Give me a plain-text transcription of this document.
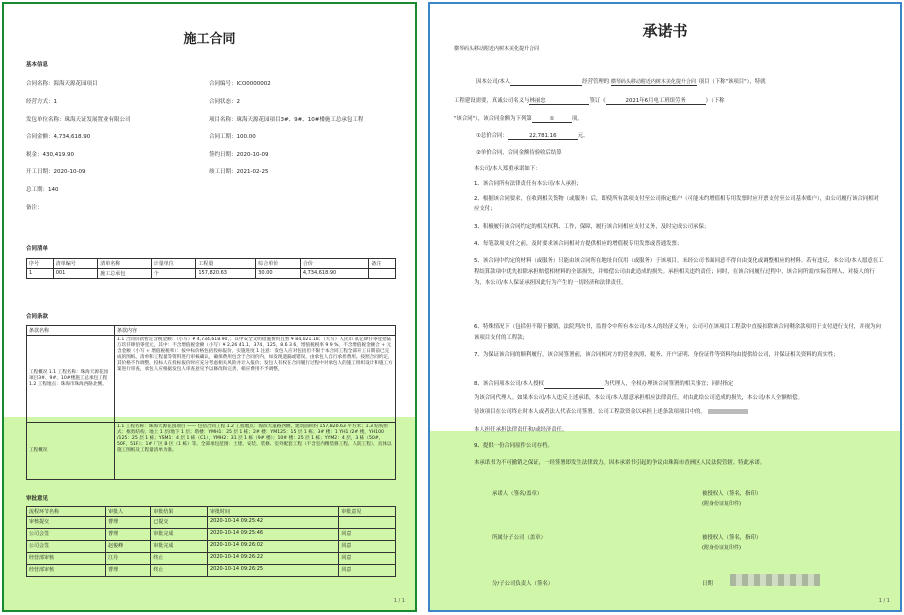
施工合同
基本信息
合同名称：海海天源花园项目	合同编号：ICO0000002
经营方式：1	合同状态：2
发包单位名称：珠海天证发展置业有限公司	项目名称：珠海天源花园项目3#、9#、10#楼施工总承包工程
合同金额：4,734,618.90	合同工期：100.00
税金：430,419.90	签约日期：2020-10-09
开工日期：2020-10-09	竣工日期：2021-02-25
总工期：140
备注：
合同清单
序号	清单编号	清单名称	计量单位	工程量	综合单价	合价	备注
1	001	施工总承包	个	157,820.63	30.00	4,734,618.90	
合同条款
条款名称	条款内容
工程概况 1.1 工程名称：珠海天源花园项目3#、9#、10#楼施工总承包工程 1.2 工程地点：珠海市珠海西路北侧。	1.1 合同价款暂定含税金额：（小写）¥ 4,734,618.90，；其中安全文明措施费用且暂 ¥ 84,021.18；（大写）人民币 贰亿肆仟零壹拾陆万玖仟肆佰零壹元，其中：不含增值税金额（小写）¥ 2,26 41.1，374，125，8.6 3 6，增值税税率 9 9 %，不含增值税金额合 + 元含金额（小写 + 增值税税率）：按中标价格包括投标报价，实施进度 1 注意：发包人应对包括但不限于本合同工程全部开工日期前已完成的图纸、清单和工程量等资料进行审核确认，确保费用包含于合同价内，如发现遗漏或错误，由承包人自行承担费用。按照合同约定，其价格不作调整，投标人在投标报价时应充分考虑相关风险并计入报价；发包人有权在合同履行过程中对承包人的施工组织设计和施工方案进行审查，承包人应根据发包人审查意见予以修改和完善，相应费用不予调整。

工程概况	1.1 工程名称：珠海天源花园项目 —— 包括合同工程 1.2 工程地点：海滨大道路西侧，建筑面积约 157,820.63 平方米；1.3 结构形式：框剪结构，地上 1 层/地下 1 层；塔楼：YMH1：25 层 1 栋；2# 楼：YM125：15 层 1 栋；3# 楼：1 YH1 /2# 楼，YH100 /125：25 层 1 栋；YSM1：4 层 1 栋（C1），YMH2：31 层 1 栋（9# 楼）；10# 楼：25 层 1 栋；YYM2：4 层，3 栋（50#、50F、51F）；1# 厂区 B 区（1 栋）等。全部承包范围：土建、安装、装修、室外配套工程（不含室内精装修工程、人防工程），具体以施工图纸及工程量清单为准。
审批意见
流程环节名称	审批人	审批结果	审批时间	审批意见
审核提交	曹理	已提交	2020-10-14 09:25:42	
公司会签	曹理	审批完成	2020-10-14 09:25:46	同意
公司会签	赵俊峰	审批完成	2020-10-14 09:26:02	同意
经营部审核	江丹	终止	2020-10-14 09:26:22	同意
经营部审核	曹理	终止	2020-10-14 09:26:25	同意
1 / 1
承诺书
横琴码头移动附近内树木美化提升合同
因本公司/本人	经营管理的 横琴码头移动附近内树木美化提升合同 项目（下称"该项目"），特就
工程建设需要，真诚公司名义与林丽忠	签订《	2021年6月电工班组劳务	》（下称
"该合同"），该合同金额为下列第	①	项。
①总价合同：	22,781.16	元。
②单价合同，合同金额待验收后结算
本公司/本人郑重承诺如下：
1、该合同所有法律责任有本公司/本人承担；
2、根据该合同要求，在收到相关货物（或服务）后，即使所有款项支付至公司指定账户（可能未约增值相专用发票时应开票支付至公司基本账户），由公司履行该合同相对应支付；
3、积极履行该合同约定的相关权利、工作，保障，履行该合同相应支付义务，及时完成公司承保；
4、每笔款项支付之前，及时要求该合同相对方提供相应的增值税专用发票或普通发票；
5、该合同中约定的材料（或服务）只能由该合同所在地址自仅用（或服务）于该项目。未经公司书面同意不得自由变化或调整相应的材料。若有违反，本公司/本人愿意在工程结算款项中优先扣除承担赔偿相材料的全部损失，并赔偿公司由此造成的损失。承担相关违约责任；同时，在该合同履行过程中，该合同所需/实际管理人、对接人的行为，本公司/本人保证承担因此行为产生的一切经济和法律责任。
6、特殊情况下（包括但不限于撤销，法院判决书，监督令中所有本公司/本人的经济义务），公司可在该项目工程款中直接扣除该合同剩余款项用于支付进行支付，并视为向该项目支付的工程款；
7、为保证该合同的顺利履行，该合同签署前，该合同相对方的营业执照、税务、开户证明、身份证件等资料均由提供给公司，并保证相关资料的真实性；
8、该合同项本公司/本人授权	为代理人，全权办理该合同签署的相关事宜；同时指定
为该合同代理人。如果本公司/本人违反上述承诺，本公司/本人愿意承担相应法律责任，对由此给公司造成的损失，本公司/本人全额赔偿。
待该项目在公司终止时本人或者法人代表公司签署。公司工程款资金以承担上述条款项项目中的。
本人担任承担法律责任和/或经济责任。
9、提供一份合同原件公司存档。
本承诺书为不可撤销之保证，一经签署即发生法律效力。因本承诺书引起的争议由珠海市香洲区人民法院管辖。特此承诺。
承诺人（签名/盖章）
所属分子公司（盖章）
分/子公司负责人（签名）
被授权人（签名，指印）
(附身份证复印件)
被授权人（签名，指印）
(附身份证复印件)
日期
1 / 1
